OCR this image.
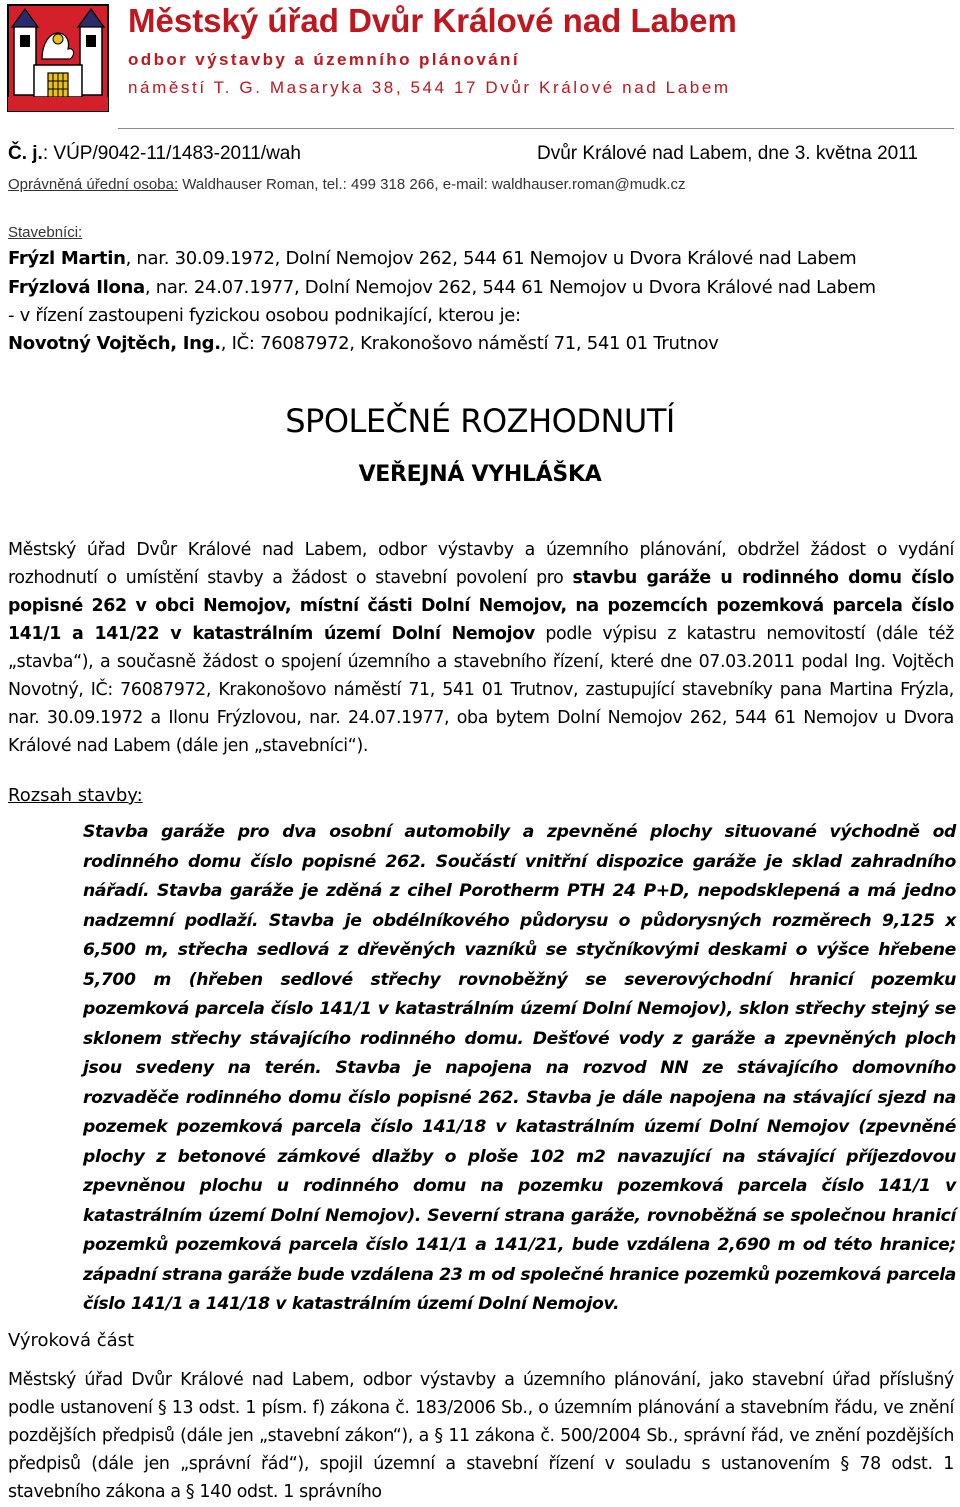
Městský úřad Dvůr Králové nad Labem
odbor výstavby a územního plánování
náměstí T. G. Masaryka 38, 544 17 Dvůr Králové nad Labem
Č. j.: VÚP/9042-11/1483-2011/wah	Dvůr Králové nad Labem, dne 3. května 2011
Oprávněná úřední osoba: Waldhauser Roman, tel.: 499 318 266, e-mail: waldhauser.roman@mudk.cz
Stavebníci:
Frýzl Martin, nar. 30.09.1972, Dolní Nemojov 262, 544 61 Nemojov u Dvora Králové nad Labem
Frýzlová Ilona, nar. 24.07.1977, Dolní Nemojov 262, 544 61 Nemojov u Dvora Králové nad Labem
- v řízení zastoupeni fyzickou osobou podnikající, kterou je:
Novotný Vojtěch, Ing., IČ: 76087972, Krakonošovo náměstí 71, 541 01 Trutnov
SPOLEČNÉ ROZHODNUTÍ
VEŘEJNÁ VYHLÁŠKA
Městský úřad Dvůr Králové nad Labem, odbor výstavby a územního plánování, obdržel žádost o vydání rozhodnutí o umístění stavby a žádost o stavební povolení pro stavbu garáže u rodinného domu číslo popisné 262 v obci Nemojov, místní části Dolní Nemojov, na pozemcích pozemková parcela číslo 141/1 a 141/22 v katastrálním území Dolní Nemojov podle výpisu z katastru nemovitostí (dále též „stavba“), a současně žádost o spojení územního a stavebního řízení, které dne 07.03.2011 podal Ing. Vojtěch Novotný, IČ: 76087972, Krakonošovo náměstí 71, 541 01 Trutnov, zastupující stavebníky pana Martina Frýzla, nar. 30.09.1972 a Ilonu Frýzlovou, nar. 24.07.1977, oba bytem Dolní Nemojov 262, 544 61 Nemojov u Dvora Králové nad Labem (dále jen „stavebníci“).
Rozsah stavby:
Stavba garáže pro dva osobní automobily a zpevněné plochy situované východně od rodinného domu číslo popisné 262. Součástí vnitřní dispozice garáže je sklad zahradního nářadí. Stavba garáže je zděná z cihel Porotherm PTH 24 P+D, nepodsklepená a má jedno nadzemní podlaží. Stavba je obdélníkového půdorysu o půdorysných rozměrech 9,125 x 6,500 m, střecha sedlová z dřevěných vazníků se styčníkovými deskami o výšce hřebene 5,700 m (hřeben sedlové střechy rovnoběžný se severovýchodní hranicí pozemku pozemková parcela číslo 141/1 v katastrálním území Dolní Nemojov), sklon střechy stejný se sklonem střechy stávajícího rodinného domu. Dešťové vody z garáže a zpevněných ploch jsou svedeny na terén. Stavba je napojena na rozvod NN ze stávajícího domovního rozvaděče rodinného domu číslo popisné 262. Stavba je dále napojena na stávající sjezd na pozemek pozemková parcela číslo 141/18 v katastrálním území Dolní Nemojov (zpevněné plochy z betonové zámkové dlažby o ploše 102 m2 navazující na stávající příjezdovou zpevněnou plochu u rodinného domu na pozemku pozemková parcela číslo 141/1 v katastrálním území Dolní Nemojov). Severní strana garáže, rovnoběžná se společnou hranicí pozemků pozemková parcela číslo 141/1 a 141/21, bude vzdálena 2,690 m od této hranice; západní strana garáže bude vzdálena 23 m od společné hranice pozemků pozemková parcela číslo 141/1 a 141/18 v katastrálním území Dolní Nemojov.
Výroková část
Městský úřad Dvůr Králové nad Labem, odbor výstavby a územního plánování, jako stavební úřad příslušný podle ustanovení § 13 odst. 1 písm. f) zákona č. 183/2006 Sb., o územním plánování a stavebním řádu, ve znění pozdějších předpisů (dále jen „stavební zákon“), a § 11 zákona č. 500/2004 Sb., správní řád, ve znění pozdějších předpisů (dále jen „správní řád“), spojil územní a stavební řízení v souladu s ustanovením § 78 odst. 1 stavebního zákona a § 140 odst. 1 správního
